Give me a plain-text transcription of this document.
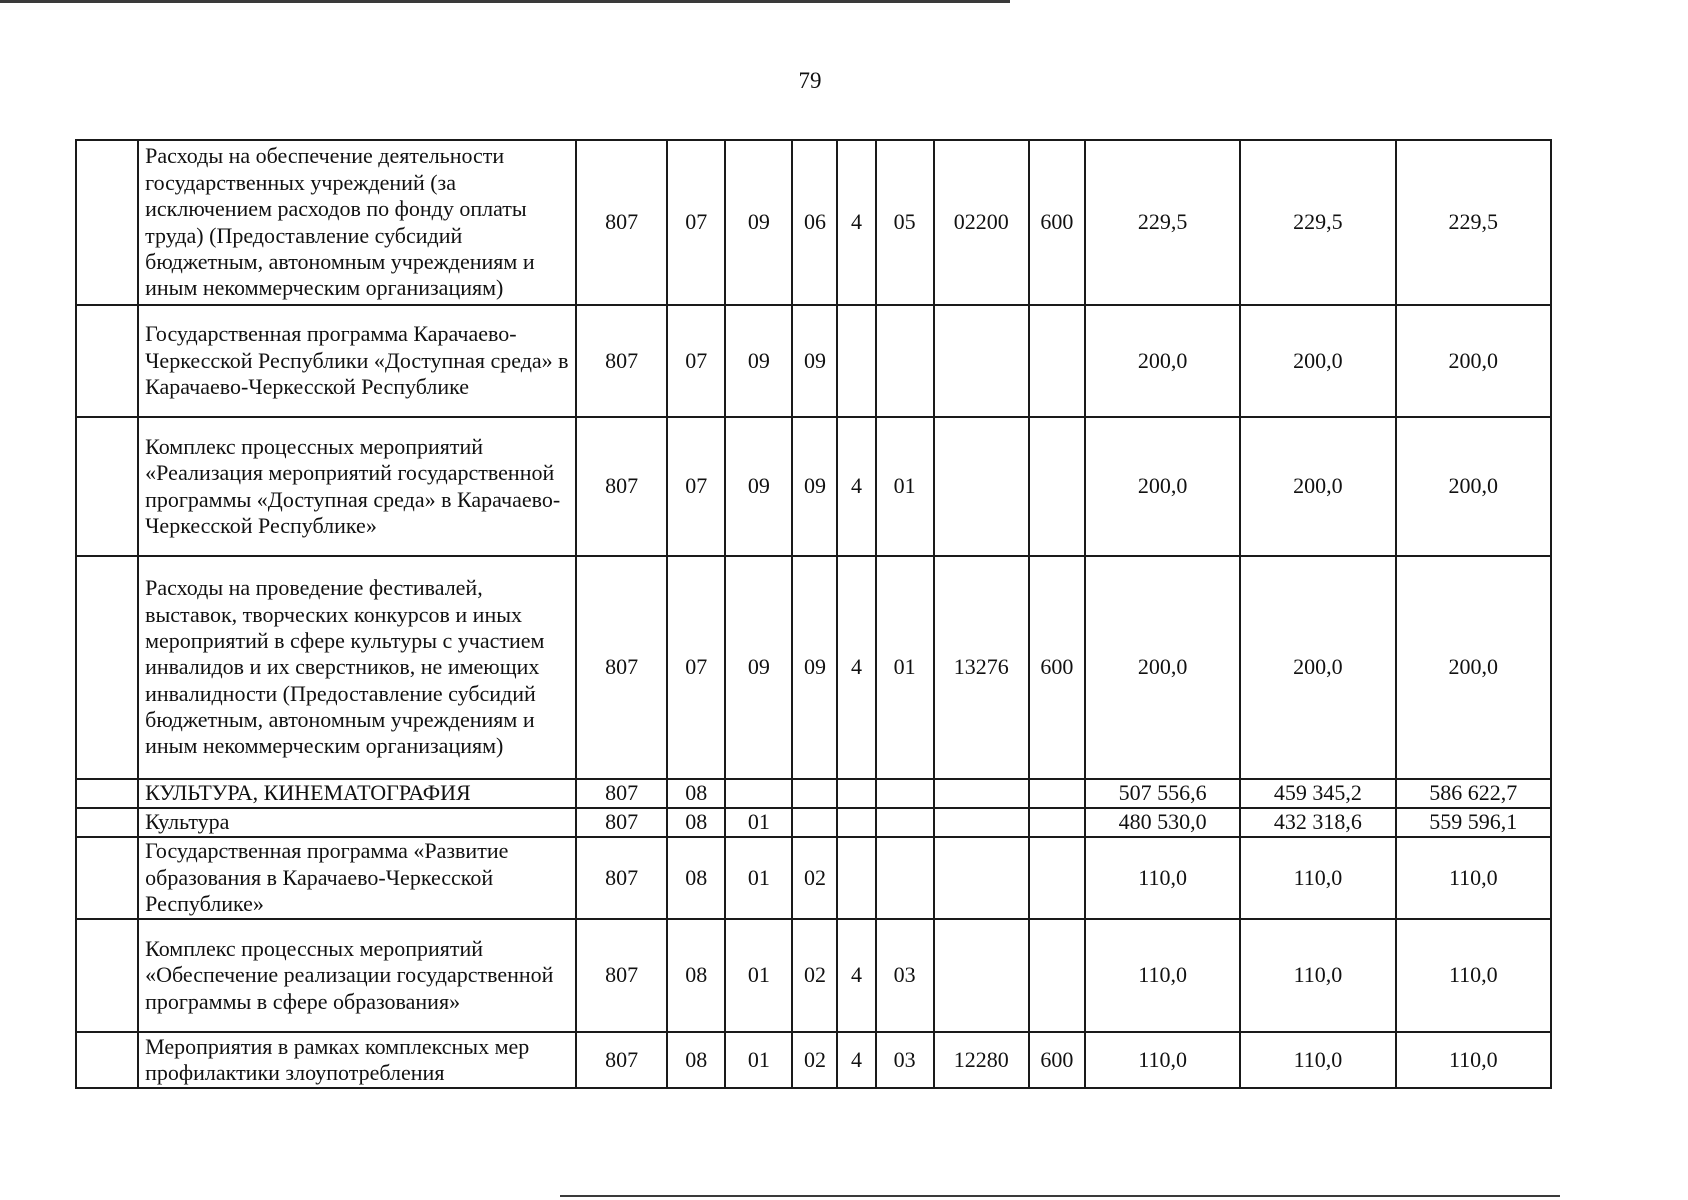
79
	Расходы на обеспечение деятельности государственных учреждений (за исключением расходов по фонду оплаты труда) (Предоставление субсидий бюджетным, автономным учреждениям и иным некоммерческим организациям)	807	07	09	06	4	05	02200	600	229,5	229,5	229,5
	Государственная программа Карачаево-Черкесской Республики «Доступная среда» в Карачаево-Черкесской Республике	807	07	09	09					200,0	200,0	200,0
	Комплекс процессных мероприятий «Реализация мероприятий государственной программы «Доступная среда» в Карачаево-Черкесской Республике»	807	07	09	09	4	01			200,0	200,0	200,0
	Расходы на проведение фестивалей, выставок, творческих конкурсов и иных мероприятий в сфере культуры с участием инвалидов и их сверстников, не имеющих инвалидности (Предоставление субсидий бюджетным, автономным учреждениям и иным некоммерческим организациям)	807	07	09	09	4	01	13276	600	200,0	200,0	200,0
	КУЛЬТУРА, КИНЕМАТОГРАФИЯ	807	08							507 556,6	459 345,2	586 622,7
	Культура	807	08	01						480 530,0	432 318,6	559 596,1
	Государственная программа «Развитие образования в Карачаево-Черкесской Республике»	807	08	01	02					110,0	110,0	110,0
	Комплекс процессных мероприятий «Обеспечение реализации государственной программы в сфере образования»	807	08	01	02	4	03			110,0	110,0	110,0
	Мероприятия в рамках комплексных мер профилактики злоупотребления	807	08	01	02	4	03	12280	600	110,0	110,0	110,0
